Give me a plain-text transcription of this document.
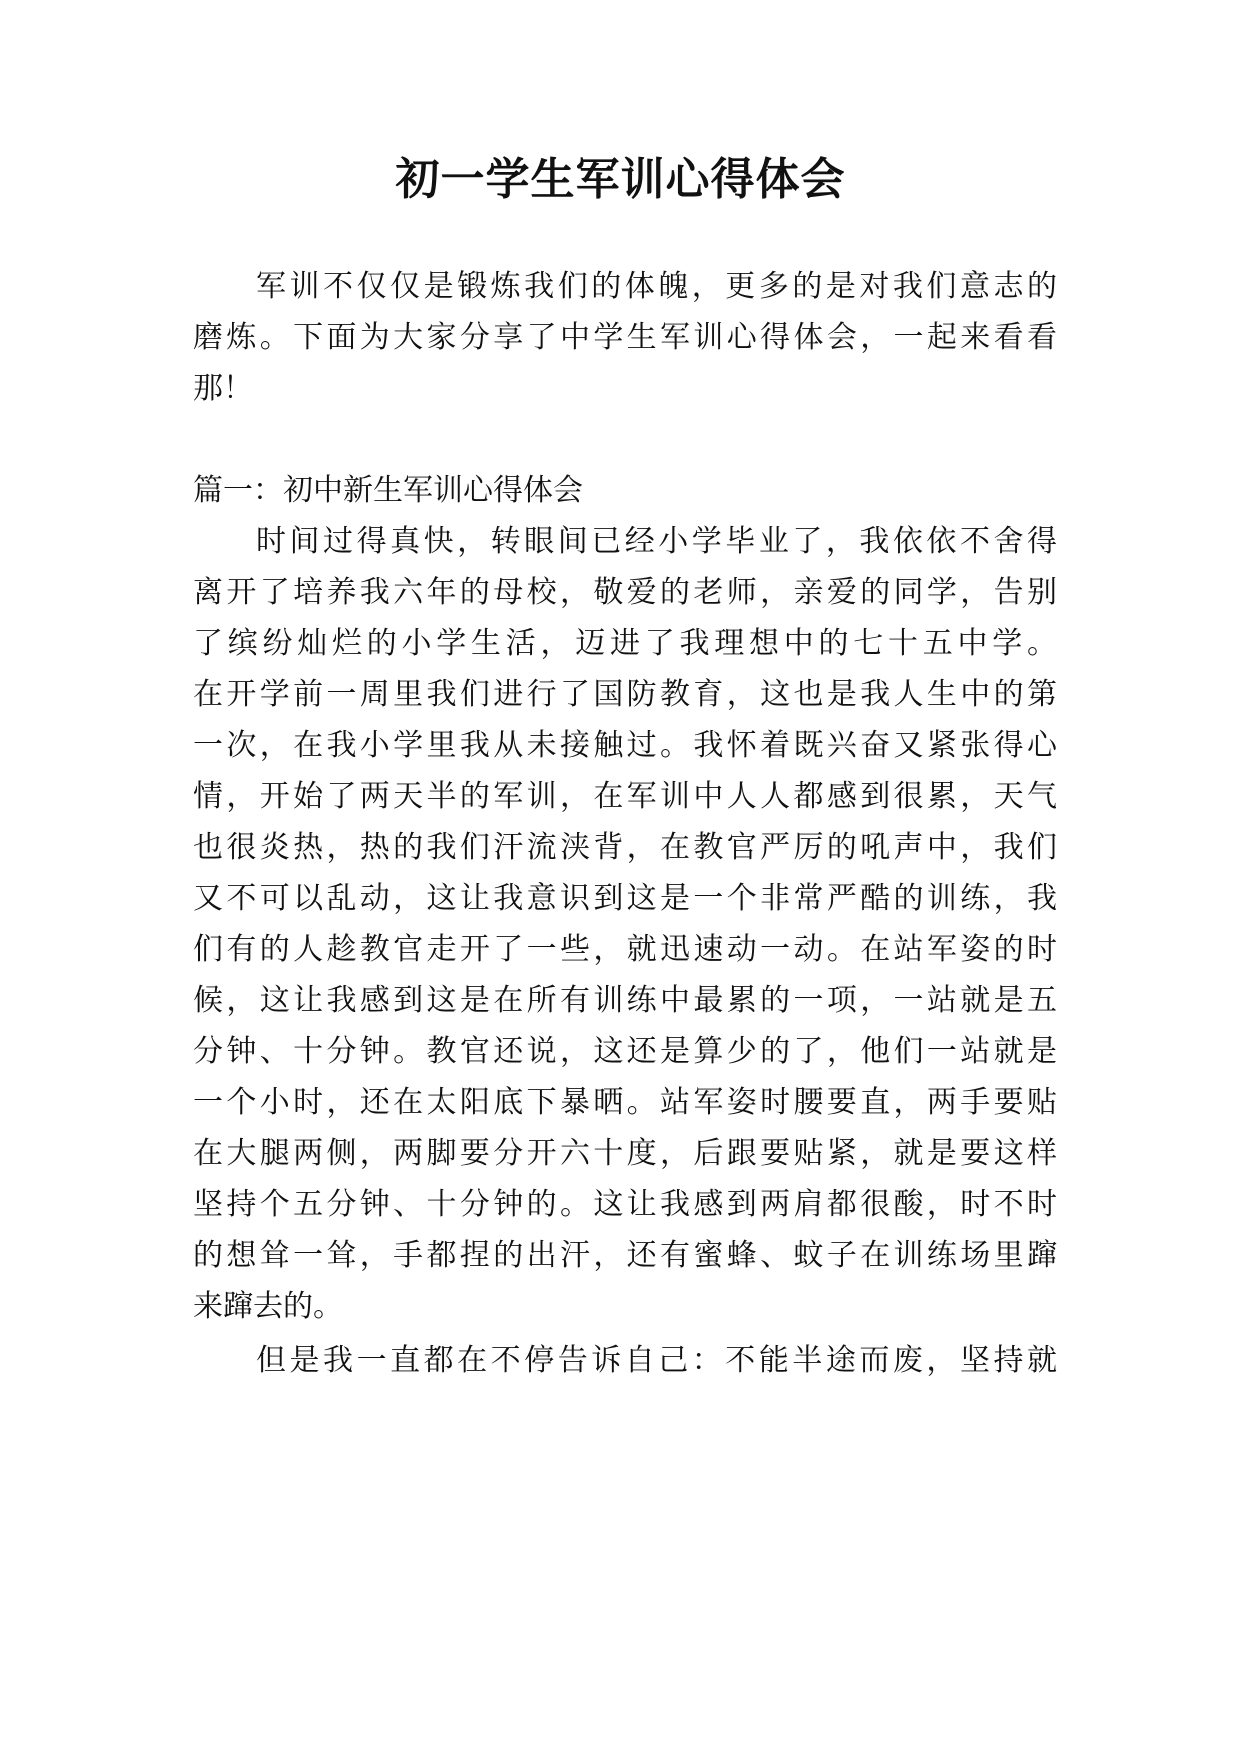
初一学生军训心得体会
军训不仅仅是锻炼我们的体魄，更多的是对我们意志的
磨炼。下面为大家分享了中学生军训心得体会，一起来看看
那！
篇一：初中新生军训心得体会
时间过得真快，转眼间已经小学毕业了，我依依不舍得
离开了培养我六年的母校，敬爱的老师，亲爱的同学，告别
了缤纷灿烂的小学生活，迈进了我理想中的七十五中学。
在开学前一周里我们进行了国防教育，这也是我人生中的第
一次，在我小学里我从未接触过。我怀着既兴奋又紧张得心
情，开始了两天半的军训，在军训中人人都感到很累，天气
也很炎热，热的我们汗流浃背，在教官严厉的吼声中，我们
又不可以乱动，这让我意识到这是一个非常严酷的训练，我
们有的人趁教官走开了一些，就迅速动一动。在站军姿的时
候，这让我感到这是在所有训练中最累的一项，一站就是五
分钟、十分钟。教官还说，这还是算少的了，他们一站就是
一个小时，还在太阳底下暴晒。站军姿时腰要直，两手要贴
在大腿两侧，两脚要分开六十度，后跟要贴紧，就是要这样
坚持个五分钟、十分钟的。这让我感到两肩都很酸，时不时
的想耸一耸，手都捏的出汗，还有蜜蜂、蚊子在训练场里蹿
来蹿去的。
但是我一直都在不停告诉自己：不能半途而废，坚持就
